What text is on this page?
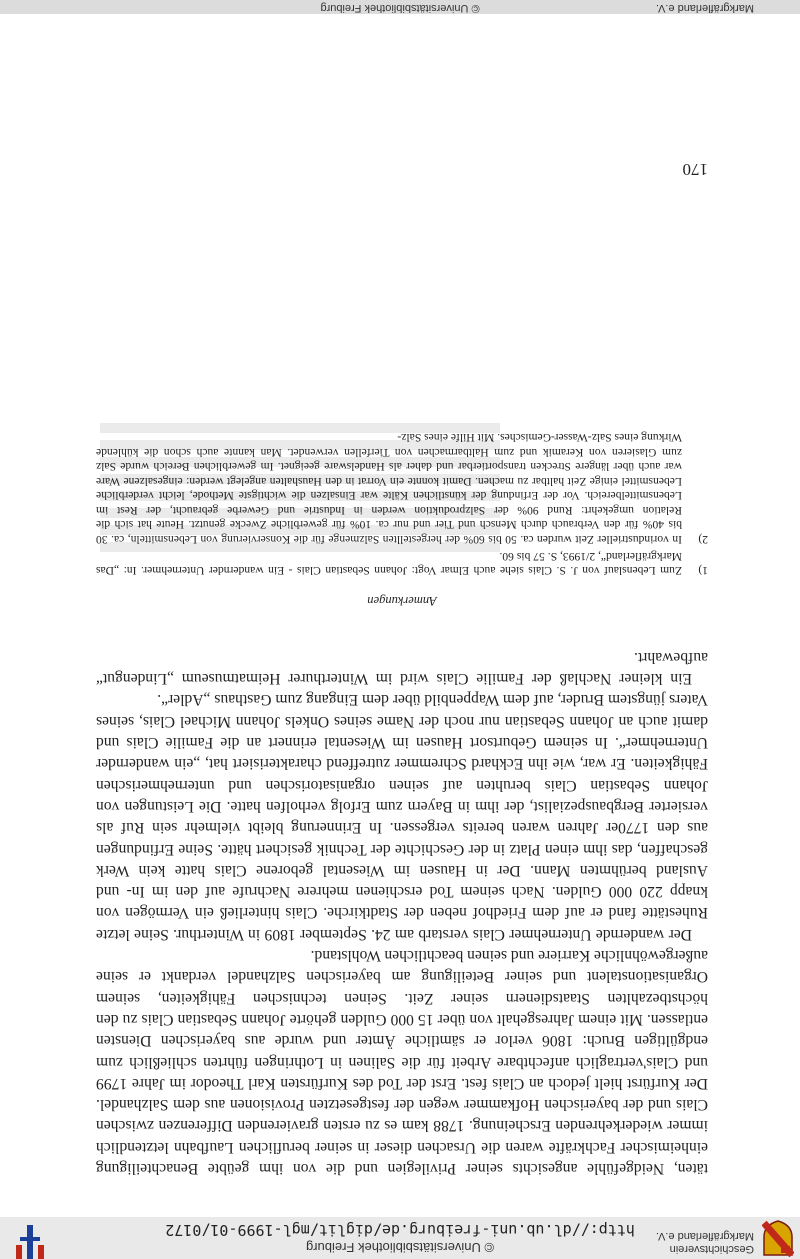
Geschichtsverein
Markgräflerland e.V.
© Universitätsbibliothek Freiburg
http://dl.ub.uni-freiburg.de/diglit/mgl-1999-01/0172

täten, Neidgefühle angesichts seiner Privilegien und die von ihm geübte Benachteiligung einheimischer Fachkräfte waren die Ursachen dieser in seiner beruflichen Laufbahn letztendlich immer wiederkehrenden Erscheinung. 1788 kam es zu ersten gravierenden Differenzen zwischen Clais und der bayerischen Hofkammer wegen der festgesetzten Provisionen aus dem Salzhandel. Der Kurfürst hielt jedoch an Clais fest. Erst der Tod des Kurfürsten Karl Theodor im Jahre 1799 und Clais'vertraglich anfechtbare Arbeit für die Salinen in Lothringen führten schließlich zum endgültigen Bruch: 1806 verlor er sämtliche Ämter und wurde aus bayerischen Diensten entlassen. Mit einem Jahresgehalt von über 15 000 Gulden gehörte Johann Sebastian Clais zu den höchstbezahlten Staatsdienern seiner Zeit. Seinen technischen Fähigkeiten, seinem Organisationstalent und seiner Beteiligung am bayerischen Salzhandel verdankt er seine außergewöhnliche Karriere und seinen beachtlichen Wohlstand.

Der wandernde Unternehmer Clais verstarb am 24. September 1809 in Winterthur. Seine letzte Ruhestätte fand er auf dem Friedhof neben der Stadtkirche. Clais hinterließ ein Vermögen von knapp 220 000 Gulden. Nach seinem Tod erschienen mehrere Nachrufe auf den im In- und Ausland berühmten Mann. Der in Hausen im Wiesental geborene Clais hatte kein Werk geschaffen, das ihm einen Platz in der Geschichte der Technik gesichert hätte. Seine Erfindungen aus den 1770er Jahren waren bereits vergessen. In Erinnerung bleibt vielmehr sein Ruf als versierter Bergbauspezialist, der ihm in Bayern zum Erfolg verholfen hatte. Die Leistungen von Johann Sebastian Clais beruhten auf seinen organisatorischen und unternehmerischen Fähigkeiten. Er war, wie ihn Eckhard Schremmer zutreffend charakterisiert hat, „ein wandernder Unternehmer“. In seinem Geburtsort Hausen im Wiesental erinnert an die Familie Clais und damit auch an Johann Sebastian nur noch der Name seines Onkels Johann Michael Clais, seines Vaters jüngstem Bruder, auf dem Wappenbild über dem Eingang zum Gasthaus „Adler“.

Ein kleiner Nachlaß der Familie Clais wird im Winterthurer Heimatmuseum „Lindengut“ aufbewahrt.

Anmerkungen
1)
Zum Lebenslauf von J. S. Clais siehe auch Elmar Vogt: Johann Sebastian Clais - Ein wandernder Unternehmer. In: „Das Markgräflerland“, 2/1993, S. 57 bis 60.
2)
In vorindustrieller Zeit wurden ca. 50 bis 60% der hergestellten Salzmenge für die Konservierung von Lebensmitteln, ca. 30 bis 40% für den Verbrauch durch Mensch und Tier und nur ca. 10% für gewerbliche Zwecke genutzt. Heute hat sich die Relation umgekehrt: Rund 90% der Salzproduktion werden in Industrie und Gewerbe gebraucht, der Rest im Lebensmittelbereich. Vor der Erfindung der künstlichen Kälte war Einsalzen die wichtigste Methode, leicht verderbliche Lebensmittel einige Zeit haltbar zu machen. Damit konnte ein Vorrat in den Haushalten angelegt werden: eingesalzene Ware war auch über längere Strecken transportierbar und daher als Handelsware geeignet. Im gewerblichen Bereich wurde Salz zum Glasieren von Keramik und zum Haltbarmachen von Tierfellen verwendet. Man kannte auch schon die kühlende Wirkung eines Salz-Wasser-Gemisches. Mit Hilfe eines Salz-
170
© Universitätsbibliothek Freiburg	Markgräflerland e.V.
